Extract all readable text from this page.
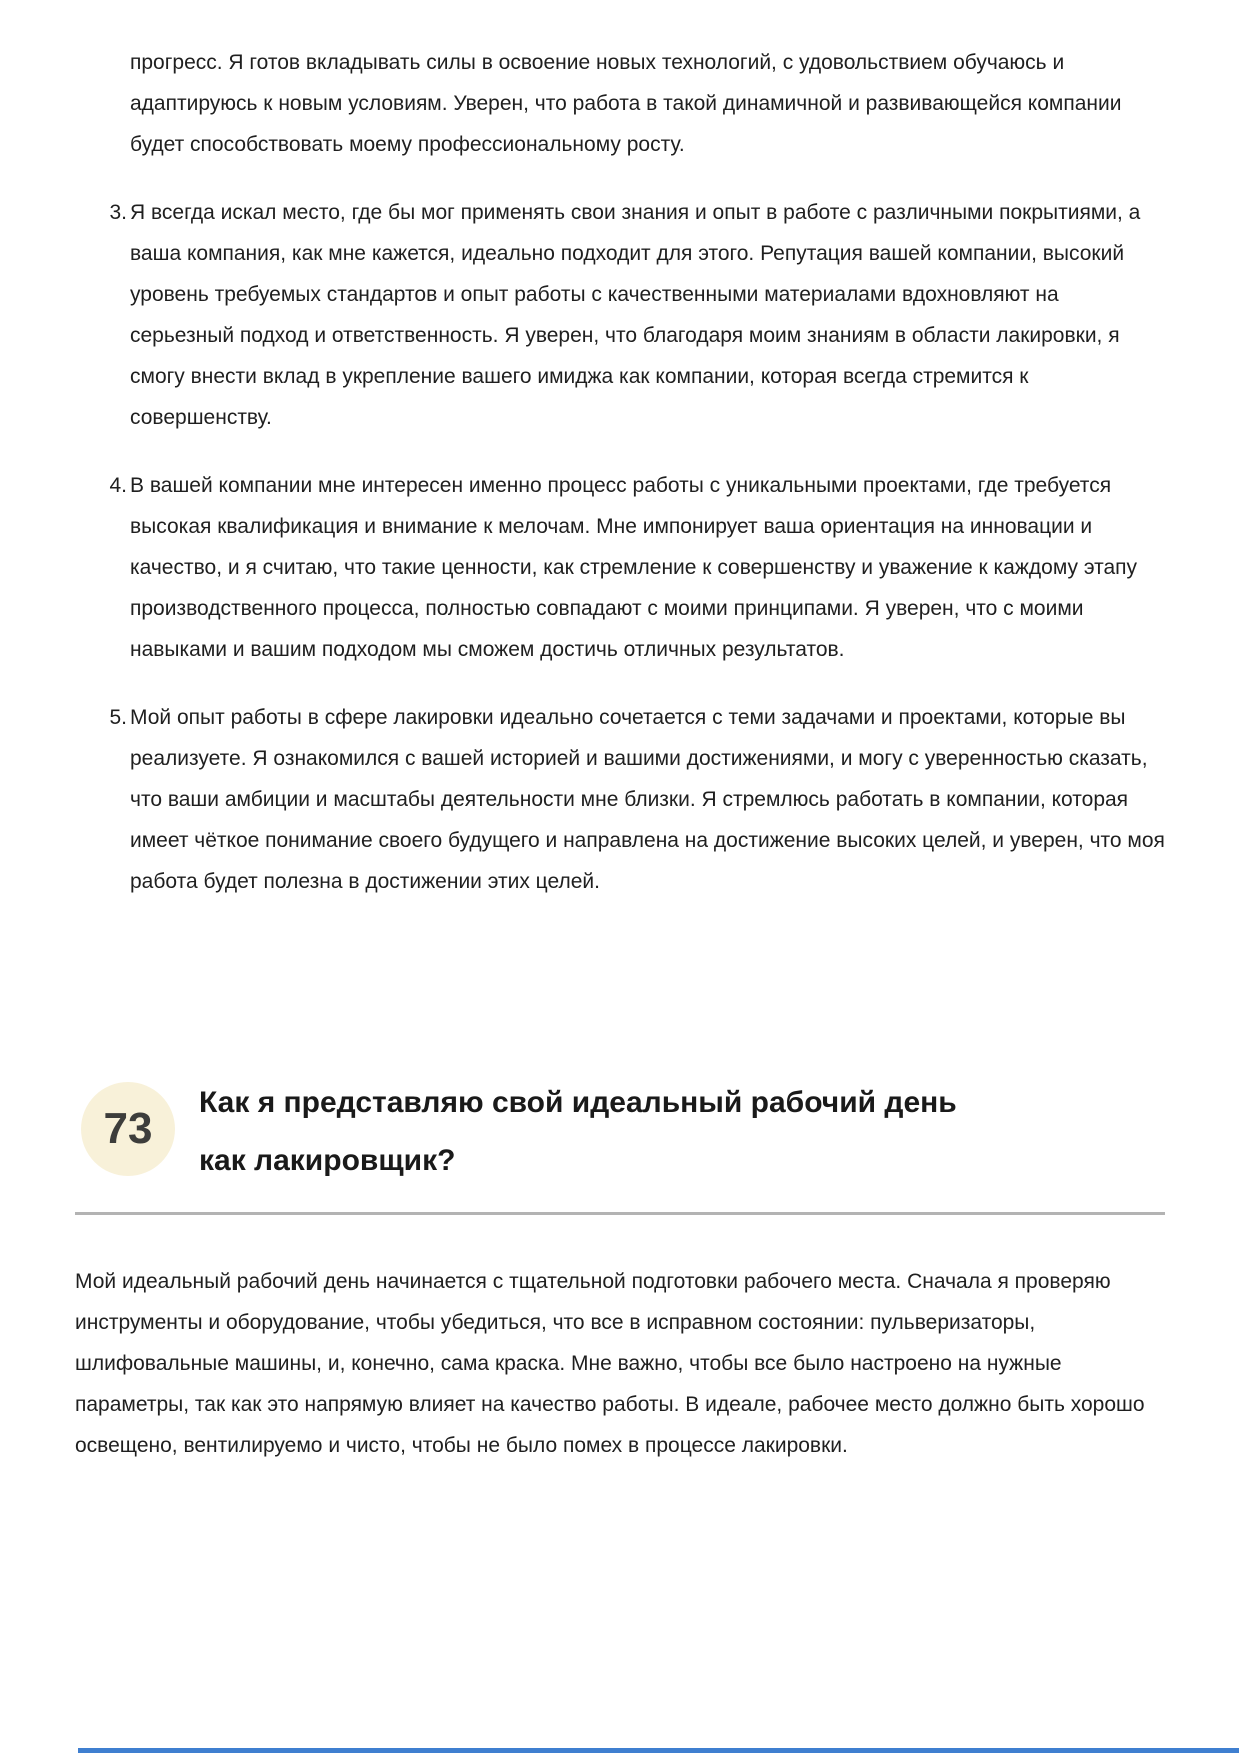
прогресс. Я готов вкладывать силы в освоение новых технологий, с удовольствием обучаюсь и адаптируюсь к новым условиям. Уверен, что работа в такой динамичной и развивающейся компании будет способствовать моему профессиональному росту.

3. Я всегда искал место, где бы мог применять свои знания и опыт в работе с различными покрытиями, а ваша компания, как мне кажется, идеально подходит для этого. Репутация вашей компании, высокий уровень требуемых стандартов и опыт работы с качественными материалами вдохновляют на серьезный подход и ответственность. Я уверен, что благодаря моим знаниям в области лакировки, я смогу внести вклад в укрепление вашего имиджа как компании, которая всегда стремится к совершенству.
4. В вашей компании мне интересен именно процесс работы с уникальными проектами, где требуется высокая квалификация и внимание к мелочам. Мне импонирует ваша ориентация на инновации и качество, и я считаю, что такие ценности, как стремление к совершенству и уважение к каждому этапу производственного процесса, полностью совпадают с моими принципами. Я уверен, что с моими навыками и вашим подходом мы сможем достичь отличных результатов.
5. Мой опыт работы в сфере лакировки идеально сочетается с теми задачами и проектами, которые вы реализуете. Я ознакомился с вашей историей и вашими достижениями, и могу с уверенностью сказать, что ваши амбиции и масштабы деятельности мне близки. Я стремлюсь работать в компании, которая имеет чёткое понимание своего будущего и направлена на достижение высоких целей, и уверен, что моя работа будет полезна в достижении этих целей.
73
Как я представляю свой идеальный рабочий день как лакировщик?

Мой идеальный рабочий день начинается с тщательной подготовки рабочего места. Сначала я проверяю инструменты и оборудование, чтобы убедиться, что все в исправном состоянии: пульверизаторы, шлифовальные машины, и, конечно, сама краска. Мне важно, чтобы все было настроено на нужные параметры, так как это напрямую влияет на качество работы. В идеале, рабочее место должно быть хорошо освещено, вентилируемо и чисто, чтобы не было помех в процессе лакировки.
